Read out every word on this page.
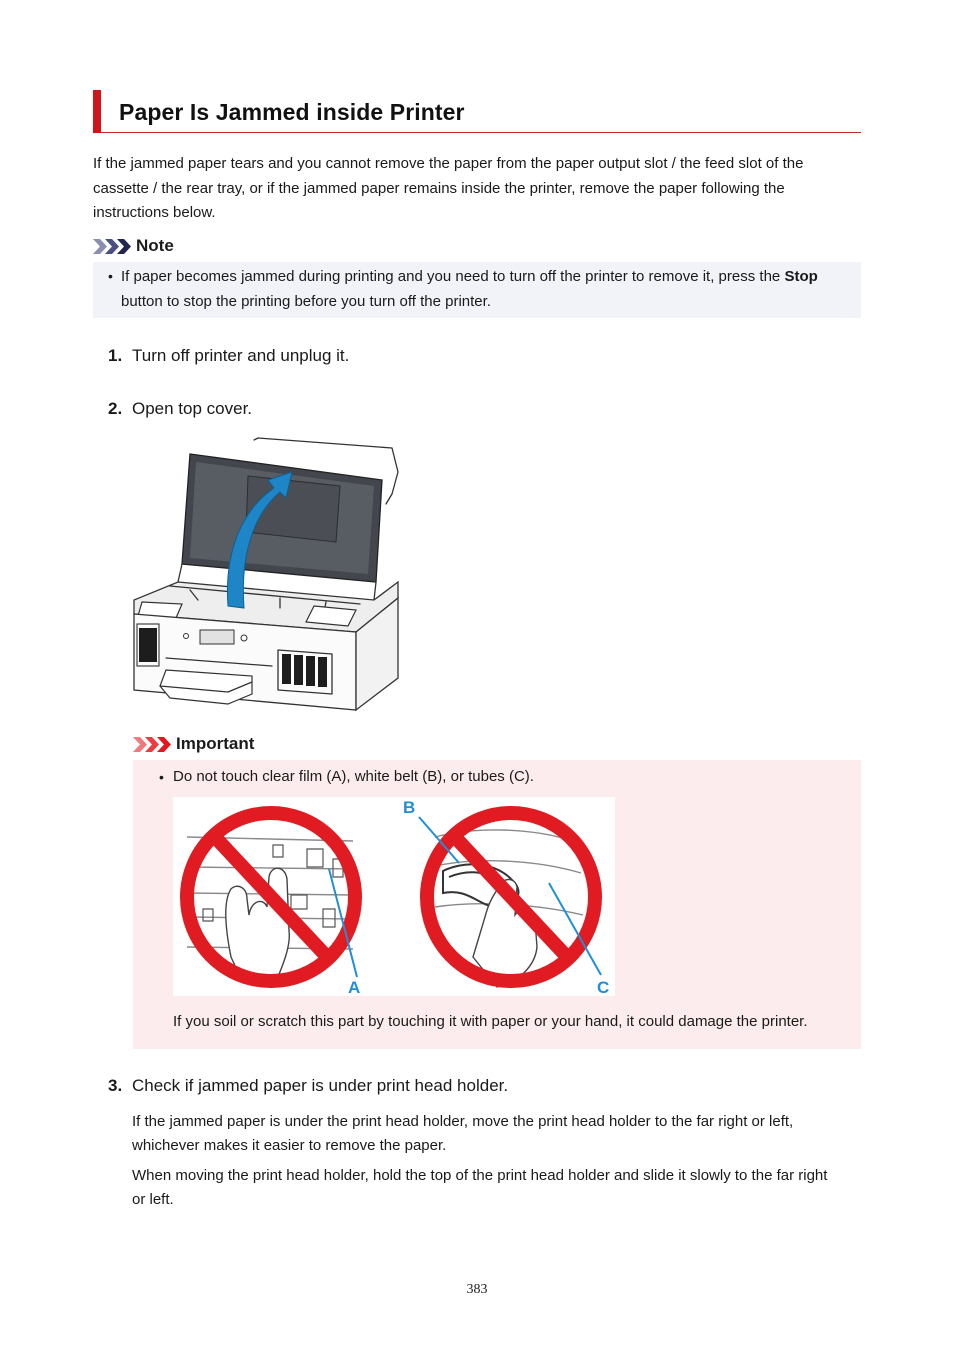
Paper Is Jammed inside Printer

If the jammed paper tears and you cannot remove the paper from the paper output slot / the feed slot of the cassette / the rear tray, or if the jammed paper remains inside the printer, remove the paper following the instructions below.

Note
• If paper becomes jammed during printing and you need to turn off the printer to remove it, press the Stop button to stop the printing before you turn off the printer.

1. Turn off printer and unplug it.
2. Open top cover.
Important
• Do not touch clear film (A), white belt (B), or tubes (C).

A
B
C

If you soil or scratch this part by touching it with paper or your hand, it could damage the printer.

3. Check if jammed paper is under print head holder.

If the jammed paper is under the print head holder, move the print head holder to the far right or left, whichever makes it easier to remove the paper.

When moving the print head holder, hold the top of the print head holder and slide it slowly to the far right or left.

383
